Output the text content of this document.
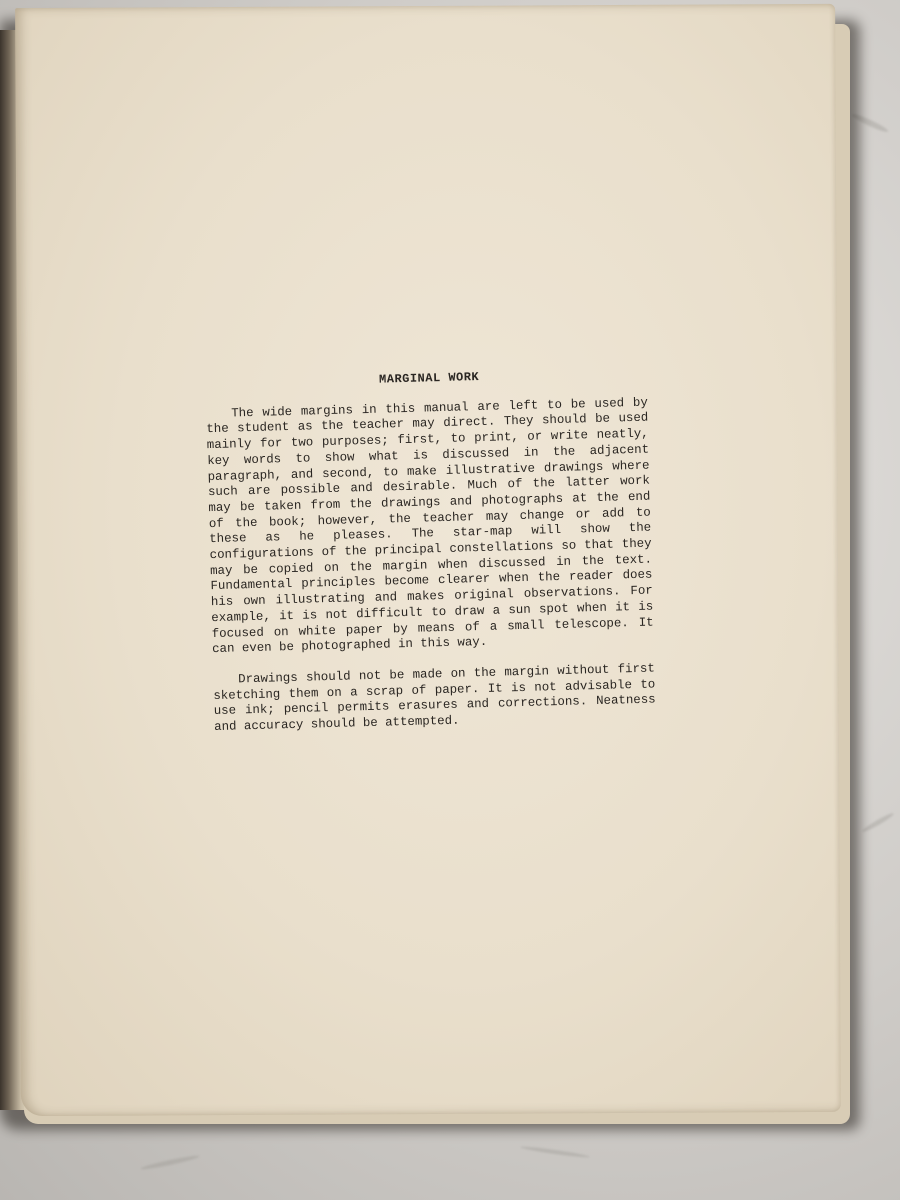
MARGINAL WORK

The wide margins in this manual are left to be used by the student as the teacher may direct. They should be used mainly for two purposes; first, to print, or write neatly, key words to show what is discussed in the adjacent paragraph, and second, to make illustrative drawings where such are possible and desirable. Much of the latter work may be taken from the drawings and photographs at the end of the book; however, the teacher may change or add to these as he pleases. The star-map will show the configurations of the principal constellations so that they may be copied on the margin when discussed in the text. Fundamental principles become clearer when the reader does his own illustrating and makes original observations. For example, it is not difficult to draw a sun spot when it is focused on white paper by means of a small telescope. It can even be photographed in this way.

Drawings should not be made on the margin without first sketching them on a scrap of paper. It is not advisable to use ink; pencil permits erasures and corrections. Neatness and accuracy should be attempted.
